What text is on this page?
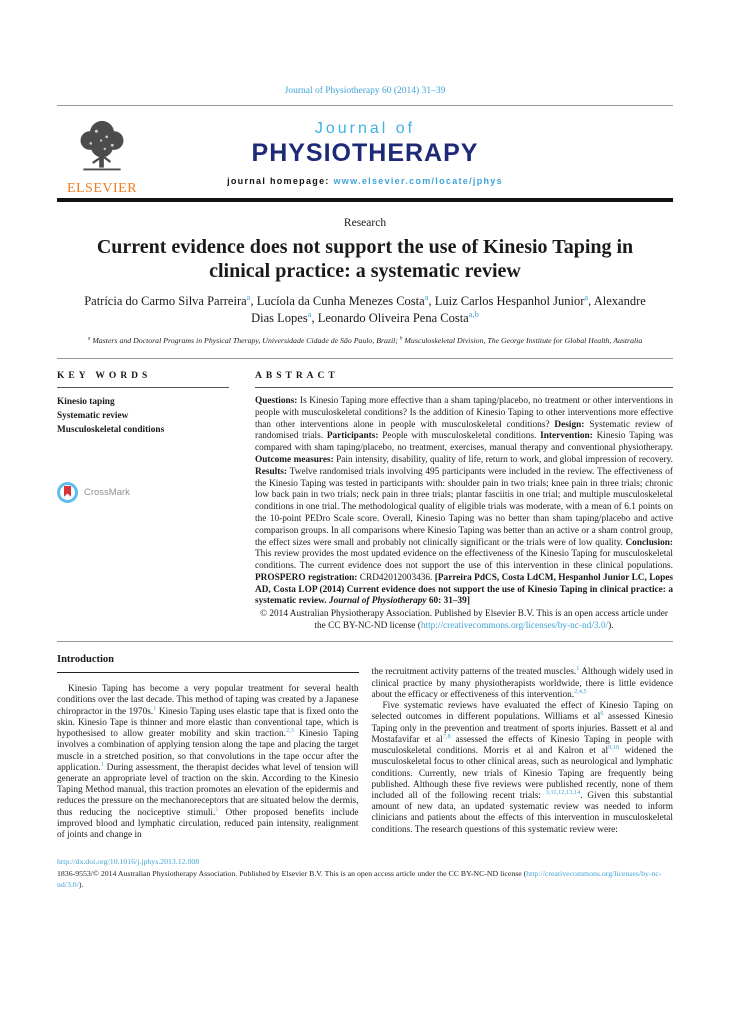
Journal of Physiotherapy 60 (2014) 31–39
ELSEVIER
Journal of
PHYSIOTHERAPY
journal homepage: www.elsevier.com/locate/jphys
Research
Current evidence does not support the use of Kinesio Taping in clinical practice: a systematic review
Patrícia do Carmo Silva Parreira$^a$, Lucíola da Cunha Menezes Costa$^a$, Luiz Carlos Hespanhol Junior$^a$, Alexandre Dias Lopes$^a$, Leonardo Oliveira Pena Costa$^{a,b}$
$^a$ Masters and Doctoral Programs in Physical Therapy, Universidade Cidade de São Paulo, Brazil; $^b$ Musculoskeletal Division, The George Institute for Global Health, Australia
KEY WORDS
Kinesio taping
Systematic review
Musculoskeletal conditions
CrossMark
ABSTRACT

Questions: Is Kinesio Taping more effective than a sham taping/placebo, no treatment or other interventions in people with musculoskeletal conditions? Is the addition of Kinesio Taping to other interventions more effective than other interventions alone in people with musculoskeletal conditions? Design: Systematic review of randomised trials. Participants: People with musculoskeletal conditions. Intervention: Kinesio Taping was compared with sham taping/placebo, no treatment, exercises, manual therapy and conventional physiotherapy. Outcome measures: Pain intensity, disability, quality of life, return to work, and global impression of recovery. Results: Twelve randomised trials involving 495 participants were included in the review. The effectiveness of the Kinesio Taping was tested in participants with: shoulder pain in two trials; knee pain in three trials; chronic low back pain in two trials; neck pain in three trials; plantar fasciitis in one trial; and multiple musculoskeletal conditions in one trial. The methodological quality of eligible trials was moderate, with a mean of 6.1 points on the 10-point PEDro Scale score. Overall, Kinesio Taping was no better than sham taping/placebo and active comparison groups. In all comparisons where Kinesio Taping was better than an active or a sham control group, the effect sizes were small and probably not clinically significant or the trials were of low quality. Conclusion: This review provides the most updated evidence on the effectiveness of the Kinesio Taping for musculoskeletal conditions. The current evidence does not support the use of this intervention in these clinical populations. PROSPERO registration: CRD42012003436. [Parreira PdCS, Costa LdCM, Hespanhol Junior LC, Lopes AD, Costa LOP (2014) Current evidence does not support the use of Kinesio Taping in clinical practice: a systematic review. Journal of Physiotherapy 60: 31–39]

© 2014 Australian Physiotherapy Association. Published by Elsevier B.V. This is an open access article under the CC BY-NC-ND license (http://creativecommons.org/licenses/by-nc-nd/3.0/).

Introduction

Kinesio Taping has become a very popular treatment for several health conditions over the last decade. This method of taping was created by a Japanese chiropractor in the 1970s.$^1$ Kinesio Taping uses elastic tape that is fixed onto the skin. Kinesio Tape is thinner and more elastic than conventional tape, which is hypothesised to allow greater mobility and skin traction.$^{2,3}$ Kinesio Taping involves a combination of applying tension along the tape and placing the target muscle in a stretched position, so that convolutions in the tape occur after the application.$^1$ During assessment, the therapist decides what level of tension will generate an appropriate level of traction on the skin. According to the Kinesio Taping Method manual, this traction promotes an elevation of the epidermis and reduces the pressure on the mechanoreceptors that are situated below the dermis, thus reducing the nociceptive stimuli.$^1$ Other proposed benefits include improved blood and lymphatic circulation, reduced pain intensity, realignment of joints and change in

the recruitment activity patterns of the treated muscles.$^1$ Although widely used in clinical practice by many physiotherapists worldwide, there is little evidence about the efficacy or effectiveness of this intervention.$^{2,4,5}$

Five systematic reviews have evaluated the effect of Kinesio Taping on selected outcomes in different populations. Williams et $al^6$ assessed Kinesio Taping only in the prevention and treatment of sports injuries. Bassett et al and Mostafavifar et al$^{7,8}$ assessed the effects of Kinesio Taping in people with musculoskeletal conditions. Morris et al and Kalron et al$^{9,10}$ widened the musculoskeletal focus to other clinical areas, such as neurological and lymphatic conditions. Currently, new trials of Kinesio Taping are frequently being published. Although these five reviews were published recently, none of them included all of the following recent trials: $^{3,11,12,13,14}$. Given this substantial amount of new data, an updated systematic review was needed to inform clinicians and patients about the effects of this intervention in musculoskeletal conditions. The research questions of this systematic review were:

http://dx.doi.org/10.1016/j.jphys.2013.12.008
1836-9553/© 2014 Australian Physiotherapy Association. Published by Elsevier B.V. This is an open access article under the CC BY-NC-ND license (http://creativecommons.org/licenses/by-nc-nd/3.0/).
